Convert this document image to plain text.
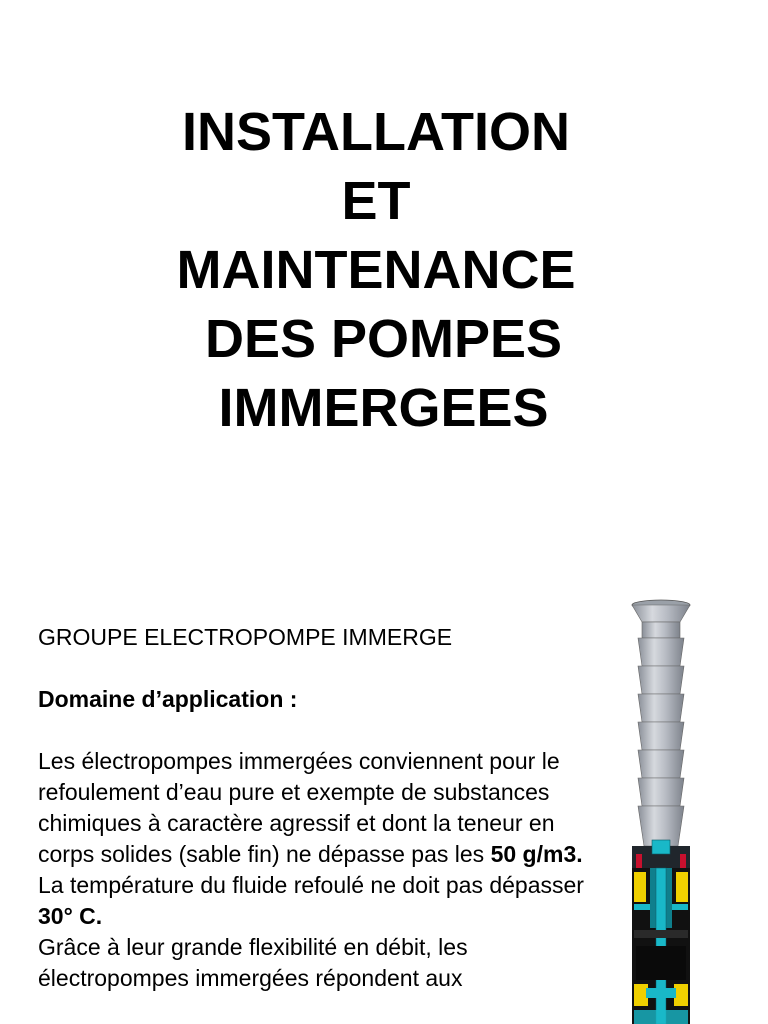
INSTALLATION
ET
MAINTENANCE
DES POMPES
IMMERGEES

GROUPE ELECTROPOMPE IMMERGE

Domaine d’application :

Les électropompes immergées conviennent pour le refoulement d’eau pure et exempte de substances chimiques à caractère agressif et dont la teneur en corps solides (sable fin) ne dépasse pas les 50 g/m3.

La température du fluide refoulé ne doit pas dépasser 30° C.

Grâce à leur grande flexibilité en débit, les électropompes immergées répondent aux
